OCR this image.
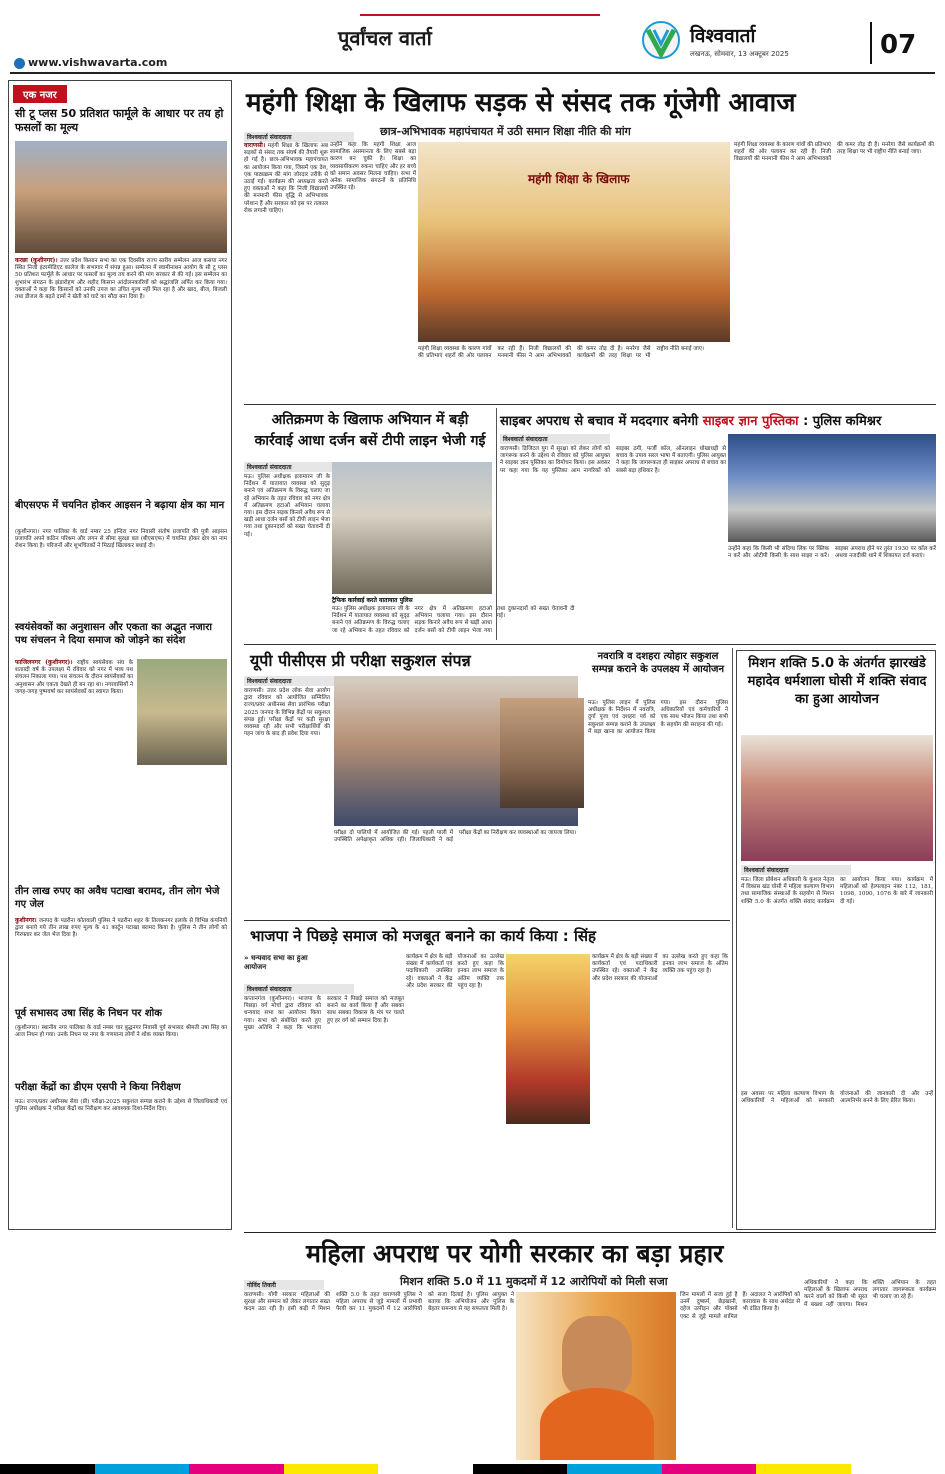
पूर्वांचल वार्ता
www.vishwavarta.com
विश्ववार्ता
लखनऊ, सोमवार, 13 अक्टूबर 2025	07
एक नजर
सी टू प्लस 50 प्रतिशत फार्मूले के आधार पर तय हो फसलों का मूल्य
करछा (कुशीनगर)। उत्तर प्रदेश किसान सभा का एक दिवसीय राज्य स्तरीय सम्मेलन आज कसया नगर स्थित निजी इंटरमीडिएट कालेज के सभागार में संपन्न हुआ। सम्मेलन में स्वामीनाथन आयोग के सी टू प्लस 50 प्रतिशत फार्मूले के आधार पर फसलों का मूल्य तय करने की मांग सरकार से की गई। इस सम्मेलन का शुभारंभ संगठन के झंडारोहण और शहीद किसान आंदोलनकारियों को श्रद्धांजलि अर्पित कर किया गया। वक्ताओं ने कहा कि किसानों को उनकी उपज का उचित मूल्य नहीं मिल रहा है और खाद, बीज, बिजली तथा डीजल के बढ़ते दामों ने खेती को घाटे का सौदा बना दिया है।
बीएसएफ में चयनित होकर आइसन ने बढ़ाया क्षेत्र का मान
(कुशीनगर)। नगर पालिका के वार्ड नम्बर 25 इन्दिरा नगर निवासी संतोष प्रजापति की पुत्री आइसन प्रजापति अपने कठिन परिश्रम और लगन से सीमा सुरक्षा बल (बीएसएफ) में चयनित होकर क्षेत्र का नाम रोशन किया है। परिजनों और शुभचिंतकों ने मिठाई खिलाकर बधाई दी।
स्वयंसेवकों का अनुशासन और एकता का अद्भुत नजारा पथ संचलन ने दिया समाज को जोड़ने का संदेश
फाजिलनगर (कुशीनगर)। राष्ट्रीय स्वयंसेवक संघ के शताब्दी वर्ष के उपलक्ष्य में रविवार को नगर में भव्य पथ संचलन निकाला गया। पथ संचलन के दौरान स्वयंसेवकों का अनुशासन और एकता देखते ही बन रहा था। नगरवासियों ने जगह-जगह पुष्पवर्षा कर स्वयंसेवकों का स्वागत किया।
तीन लाख रुपए का अवैध पटाखा बरामद, तीन लोग भेजे गए जेल
कुशीनगर। जनपद के पडरौना कोतवाली पुलिस ने पडरौना शहर के तिलकनगर इलाके से विभिन्न कंपनियों द्वारा बनाये गये तीन लाख रुपए मूल्य के 41 कार्टून पटाखा बरामद किया है। पुलिस ने तीन लोगों को गिरफ्तार कर जेल भेज दिया है।
पूर्व सभासद उषा सिंह के निधन पर शोक
(कुशीनगर)। स्थानीय नगर पालिका के वार्ड नम्बर चार बुद्धनगर निवासी पूर्व सभासद श्रीमती उषा सिंह का आज निधन हो गया। उनके निधन पर नगर के गणमान्य लोगों ने शोक व्यक्त किया।
परीक्षा केंद्रों का डीएम एसपी ने किया निरीक्षण
मऊ। राज्य/प्रवर अधीनस्थ सेवा (प्री) परीक्षा-2025 सकुशल सम्पन्न कराने के उद्देश्य से जिलाधिकारी एवं पुलिस अधीक्षक ने परीक्षा केंद्रों का निरीक्षण कर आवश्यक दिशा-निर्देश दिए।
महंगी शिक्षा के खिलाफ सड़क से संसद तक गूंजेगी आवाज
छात्र-अभिभावक महापंचायत में उठी समान शिक्षा नीति की मांग
विश्ववार्ता संवाददाता
वाराणसी। महंगी शिक्षा के खिलाफ अब सड़कों से संसद तक संघर्ष की तैयारी शुरू हो गई है। छात्र-अभिभावक महापंचायत का आयोजन किया गया, जिसमें एक देश, एक पाठ्यक्रम की मांग जोरदार तरीके से उठाई गई। कार्यक्रम की अध्यक्षता करते हुए वक्ताओं ने कहा कि निजी विद्यालयों की मनमानी फीस वृद्धि से अभिभावक परेशान हैं और सरकार को इस पर तत्काल रोक लगानी चाहिए।
उन्होंने कहा कि महंगी शिक्षा आज सामाजिक असमानता के लिए सबसे बड़ा कारण बन चुकी है। शिक्षा का व्यवसायीकरण रुकना चाहिए और हर बच्चे को समान अवसर मिलना चाहिए। सभा में अनेक सामाजिक संगठनों के प्रतिनिधि उपस्थित रहे।
महंगी शिक्षा के खिलाफ
महंगी शिक्षा व्यवस्था के कारण गांवों की प्रतिभाएं शहरों की ओर पलायन कर रही हैं। निजी विद्यालयों की मनमानी फीस ने आम अभिभावकों की कमर तोड़ दी है। मनरेगा जैसे कार्यक्रमों की तरह शिक्षा पर भी राष्ट्रीय नीति बनाई जाए।
महंगी शिक्षा व्यवस्था के कारण गांवों की प्रतिभाएं शहरों की ओर पलायन कर रही हैं। निजी विद्यालयों की मनमानी फीस ने आम अभिभावकों की कमर तोड़ दी है। मनरेगा जैसे कार्यक्रमों की तरह शिक्षा पर भी राष्ट्रीय नीति बनाई जाए।
अतिक्रमण के खिलाफ अभियान में बड़ी कार्रवाई आधा दर्जन बसें टीपी लाइन भेजी गई
विश्ववार्ता संवाददाता
मऊ। पुलिस अधीक्षक इलामारन जी के निर्देशन में यातायात व्यवस्था को सुदृढ़ बनाने एवं अतिक्रमण के विरुद्ध चलाए जा रहे अभियान के तहत रविवार को नगर क्षेत्र में अतिक्रमण हटाओ अभियान चलाया गया। इस दौरान सड़क किनारे अवैध रूप से खड़ी आधा दर्जन बसों को टीपी लाइन भेजा गया तथा दुकानदारों को सख्त चेतावनी दी गई।
ट्रैफिक कार्रवाई करते यातायात पुलिस
मऊ। पुलिस अधीक्षक इलामारन जी के निर्देशन में यातायात व्यवस्था को सुदृढ़ बनाने एवं अतिक्रमण के विरुद्ध चलाए जा रहे अभियान के तहत रविवार को नगर क्षेत्र में अतिक्रमण हटाओ अभियान चलाया गया। इस दौरान सड़क किनारे अवैध रूप से खड़ी आधा दर्जन बसों को टीपी लाइन भेजा गया तथा दुकानदारों को सख्त चेतावनी दी गई।
साइबर अपराध से बचाव में मददगार बनेगी साइबर ज्ञान पुस्तिका : पुलिस कमिश्नर
विश्ववार्ता संवाददाता
वाराणसी। डिजिटल युग में सुरक्षा को लेकर लोगों को जागरूक करने के उद्देश्य से रविवार को पुलिस आयुक्त ने साइबर ज्ञान पुस्तिका का विमोचन किया। इस अवसर पर कहा गया कि यह पुस्तिका आम नागरिकों को साइबर ठगी, फर्जी कॉल, ऑनलाइन धोखाधड़ी से बचाव के उपाय सरल भाषा में बताएगी। पुलिस आयुक्त ने कहा कि जागरूकता ही साइबर अपराध से बचाव का सबसे बड़ा हथियार है।
उन्होंने कहा कि किसी भी संदिग्ध लिंक पर क्लिक न करें और ओटीपी किसी के साथ साझा न करें। साइबर अपराध होने पर तुरंत 1930 पर कॉल करें अथवा नजदीकी थाने में शिकायत दर्ज कराएं।
यूपी पीसीएस प्री परीक्षा सकुशल संपन्न
विश्ववार्ता संवाददाता
वाराणसी। उत्तर प्रदेश लोक सेवा आयोग द्वारा रविवार को आयोजित सम्मिलित राज्य/प्रवर अधीनस्थ सेवा प्रारंभिक परीक्षा 2025 जनपद के विभिन्न केंद्रों पर सकुशल संपन्न हुई। परीक्षा केंद्रों पर कड़ी सुरक्षा व्यवस्था रही और सभी परीक्षार्थियों की गहन जांच के बाद ही प्रवेश दिया गया।
परीक्षा दो पालियों में आयोजित की गई। पहली पाली में उपस्थिति अपेक्षाकृत अधिक रही। जिलाधिकारी ने कई परीक्षा केंद्रों का निरीक्षण कर व्यवस्थाओं का जायजा लिया।
नवरात्रि व दशहरा त्योहार सकुशल सम्पन्न कराने के उपलक्ष्य में आयोजन
मऊ। पुलिस लाइन में पुलिस अधीक्षक के निर्देशन में नवरात्रि, दुर्गा पूजा एवं दशहरा पर्व को सकुशल सम्पन्न कराने के उपलक्ष्य में बड़ा खाना का आयोजन किया गया। इस दौरान पुलिस अधिकारियों एवं कर्मचारियों ने एक साथ भोजन किया तथा सभी के सहयोग की सराहना की गई।
मिशन शक्ति 5.0 के अंतर्गत झारखंडे महादेव धर्मशाला घोसी में शक्ति संवाद का हुआ आयोजन
विश्ववार्ता संवाददाता
मऊ। जिला प्रोबेशन अधिकारी के कुशल नेतृत्व में विकास खंड घोसी में महिला कल्याण विभाग तथा सामाजिक संस्थाओं के सहयोग से मिशन शक्ति 5.0 के अंतर्गत शक्ति संवाद कार्यक्रम का आयोजन किया गया। कार्यक्रम में महिलाओं को हेल्पलाइन नंबर 112, 181, 1098, 1090, 1076 के बारे में जानकारी दी गई।
इस अवसर पर महिला कल्याण विभाग के अधिकारियों ने महिलाओं को सरकारी योजनाओं की जानकारी दी और उन्हें आत्मनिर्भर बनने के लिए प्रेरित किया।
भाजपा ने पिछड़े समाज को मजबूत बनाने का कार्य किया : सिंह
» धन्यवाद सभा का हुआ आयोजन
विश्ववार्ता संवाददाता
कप्तानगंज (कुशीनगर)। भाजपा के पिछड़ा वर्ग मोर्चा द्वारा रविवार को धन्यवाद सभा का आयोजन किया गया। सभा को संबोधित करते हुए मुख्य अतिथि ने कहा कि भाजपा सरकार ने पिछड़े समाज को मजबूत बनाने का कार्य किया है और सबका साथ सबका विकास के मंत्र पर चलते हुए हर वर्ग को सम्मान दिया है।
कार्यक्रम में क्षेत्र के बड़ी संख्या में कार्यकर्ता एवं पदाधिकारी उपस्थित रहे। वक्ताओं ने केंद्र और प्रदेश सरकार की योजनाओं का उल्लेख करते हुए कहा कि इनका लाभ समाज के अंतिम व्यक्ति तक पहुंच रहा है।
कार्यक्रम में क्षेत्र के बड़ी संख्या में कार्यकर्ता एवं पदाधिकारी उपस्थित रहे। वक्ताओं ने केंद्र और प्रदेश सरकार की योजनाओं का उल्लेख करते हुए कहा कि इनका लाभ समाज के अंतिम व्यक्ति तक पहुंच रहा है।
महिला अपराध पर योगी सरकार का बड़ा प्रहार
मिशन शक्ति 5.0 में 11 मुकदमों में 12 आरोपियों को मिली सजा
गोविंद तिवारी
वाराणसी। योगी सरकार महिलाओं की सुरक्षा और सम्मान को लेकर लगातार सख्त कदम उठा रही है। इसी कड़ी में मिशन शक्ति 5.0 के तहत वाराणसी पुलिस ने महिला अपराध से जुड़े मामलों में प्रभावी पैरवी कर 11 मुकदमों में 12 आरोपियों को सजा दिलाई है। पुलिस आयुक्त ने बताया कि अभियोजन और पुलिस के बेहतर समन्वय से यह सफलता मिली है।
जिन मामलों में सजा हुई है उनमें दुष्कर्म, छेड़खानी, दहेज उत्पीड़न और पॉक्सो एक्ट से जुड़े मामले शामिल हैं। अदालत ने आरोपियों को कारावास के साथ अर्थदंड से भी दंडित किया है।
अधिकारियों ने कहा कि महिलाओं के खिलाफ अपराध करने वालों को किसी भी सूरत में बख्शा नहीं जाएगा। मिशन शक्ति अभियान के तहत लगातार जागरूकता कार्यक्रम भी चलाए जा रहे हैं।
